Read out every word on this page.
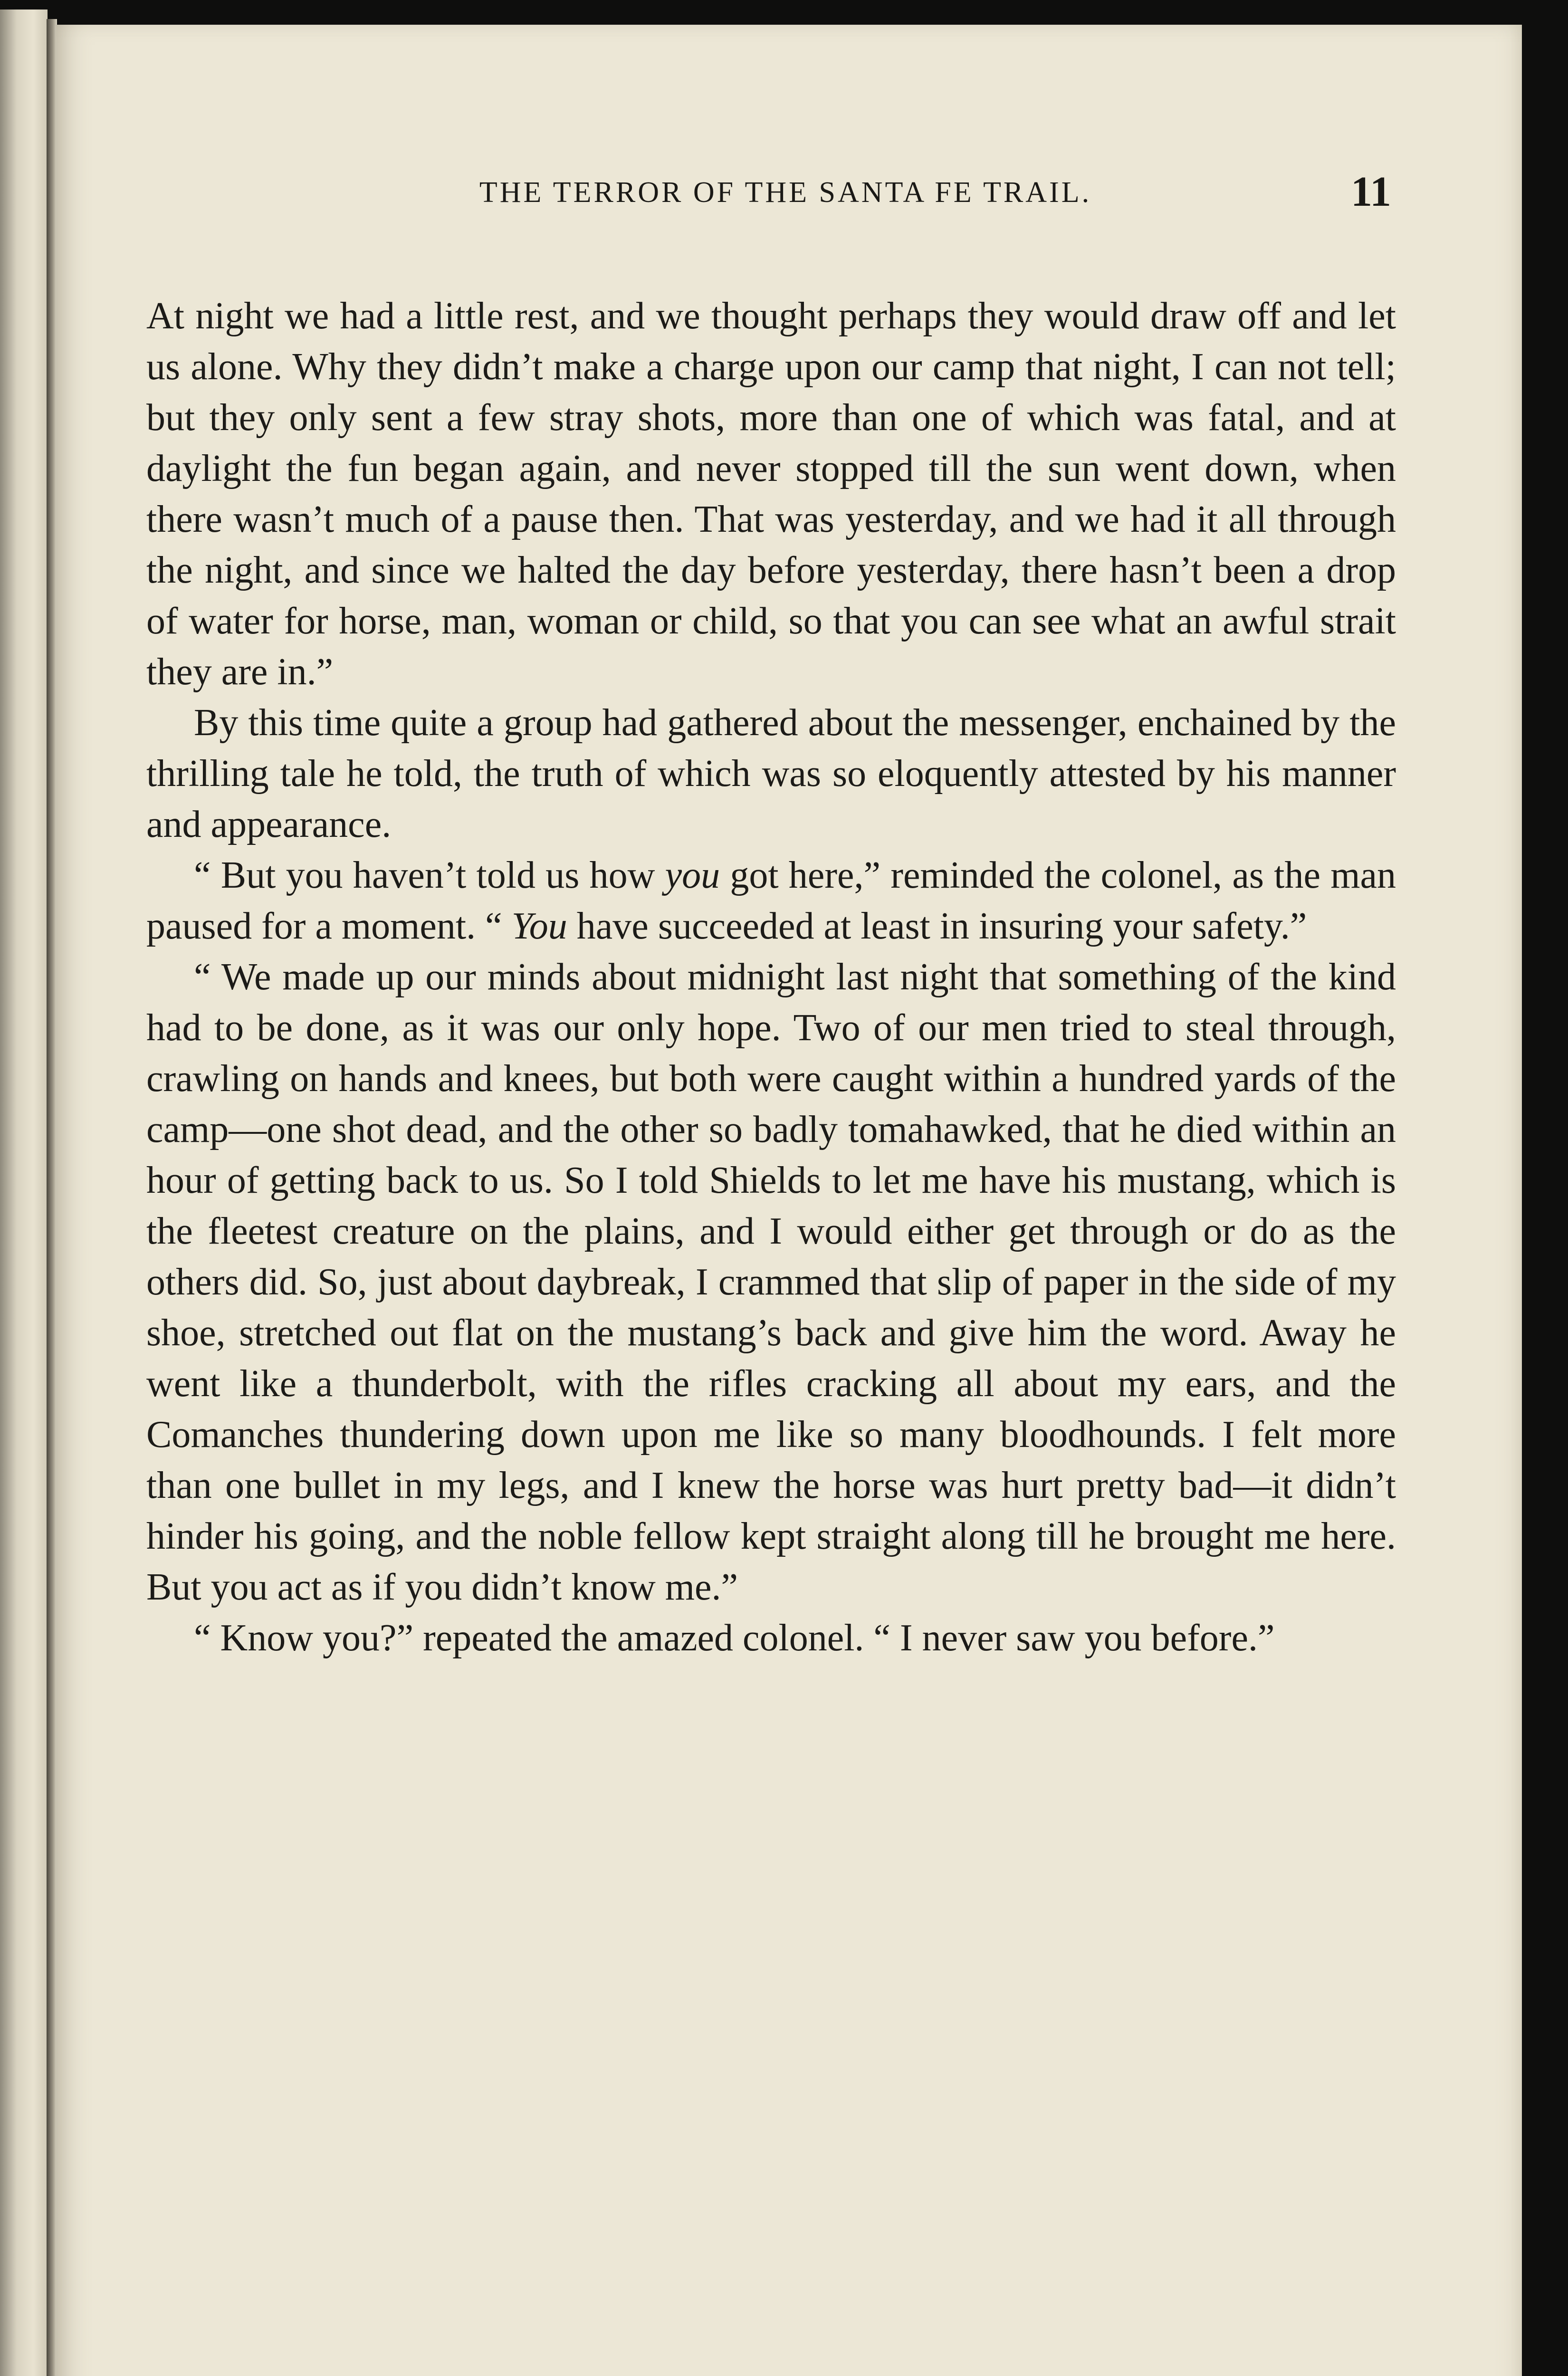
THE TERROR OF THE SANTA FE TRAIL.	11

At night we had a little rest, and we thought perhaps they would draw off and let us alone. Why they didn’t make a charge upon our camp that night, I can not tell; but they only sent a few stray shots, more than one of which was fatal, and at daylight the fun began again, and never stopped till the sun went down, when there wasn’t much of a pause then. That was yesterday, and we had it all through the night, and since we halted the day before yesterday, there hasn’t been a drop of water for horse, man, woman or child, so that you can see what an awful strait they are in.”

By this time quite a group had gathered about the messenger, enchained by the thrilling tale he told, the truth of which was so eloquently attested by his manner and appearance.

“ But you haven’t told us how you got here,” reminded the colonel, as the man paused for a moment. “ You have succeeded at least in insuring your safety.”

“ We made up our minds about midnight last night that something of the kind had to be done, as it was our only hope. Two of our men tried to steal through, crawling on hands and knees, but both were caught within a hundred yards of the camp—one shot dead, and the other so badly tomahawked, that he died within an hour of getting back to us. So I told Shields to let me have his mustang, which is the fleetest creature on the plains, and I would either get through or do as the others did. So, just about daybreak, I crammed that slip of paper in the side of my shoe, stretched out flat on the mustang’s back and give him the word. Away he went like a thunderbolt, with the rifles cracking all about my ears, and the Comanches thundering down upon me like so many bloodhounds. I felt more than one bullet in my legs, and I knew the horse was hurt pretty bad—it didn’t hinder his going, and the noble fellow kept straight along till he brought me here. But you act as if you didn’t know me.”

“ Know you?” repeated the amazed colonel. “ I never saw you before.”
